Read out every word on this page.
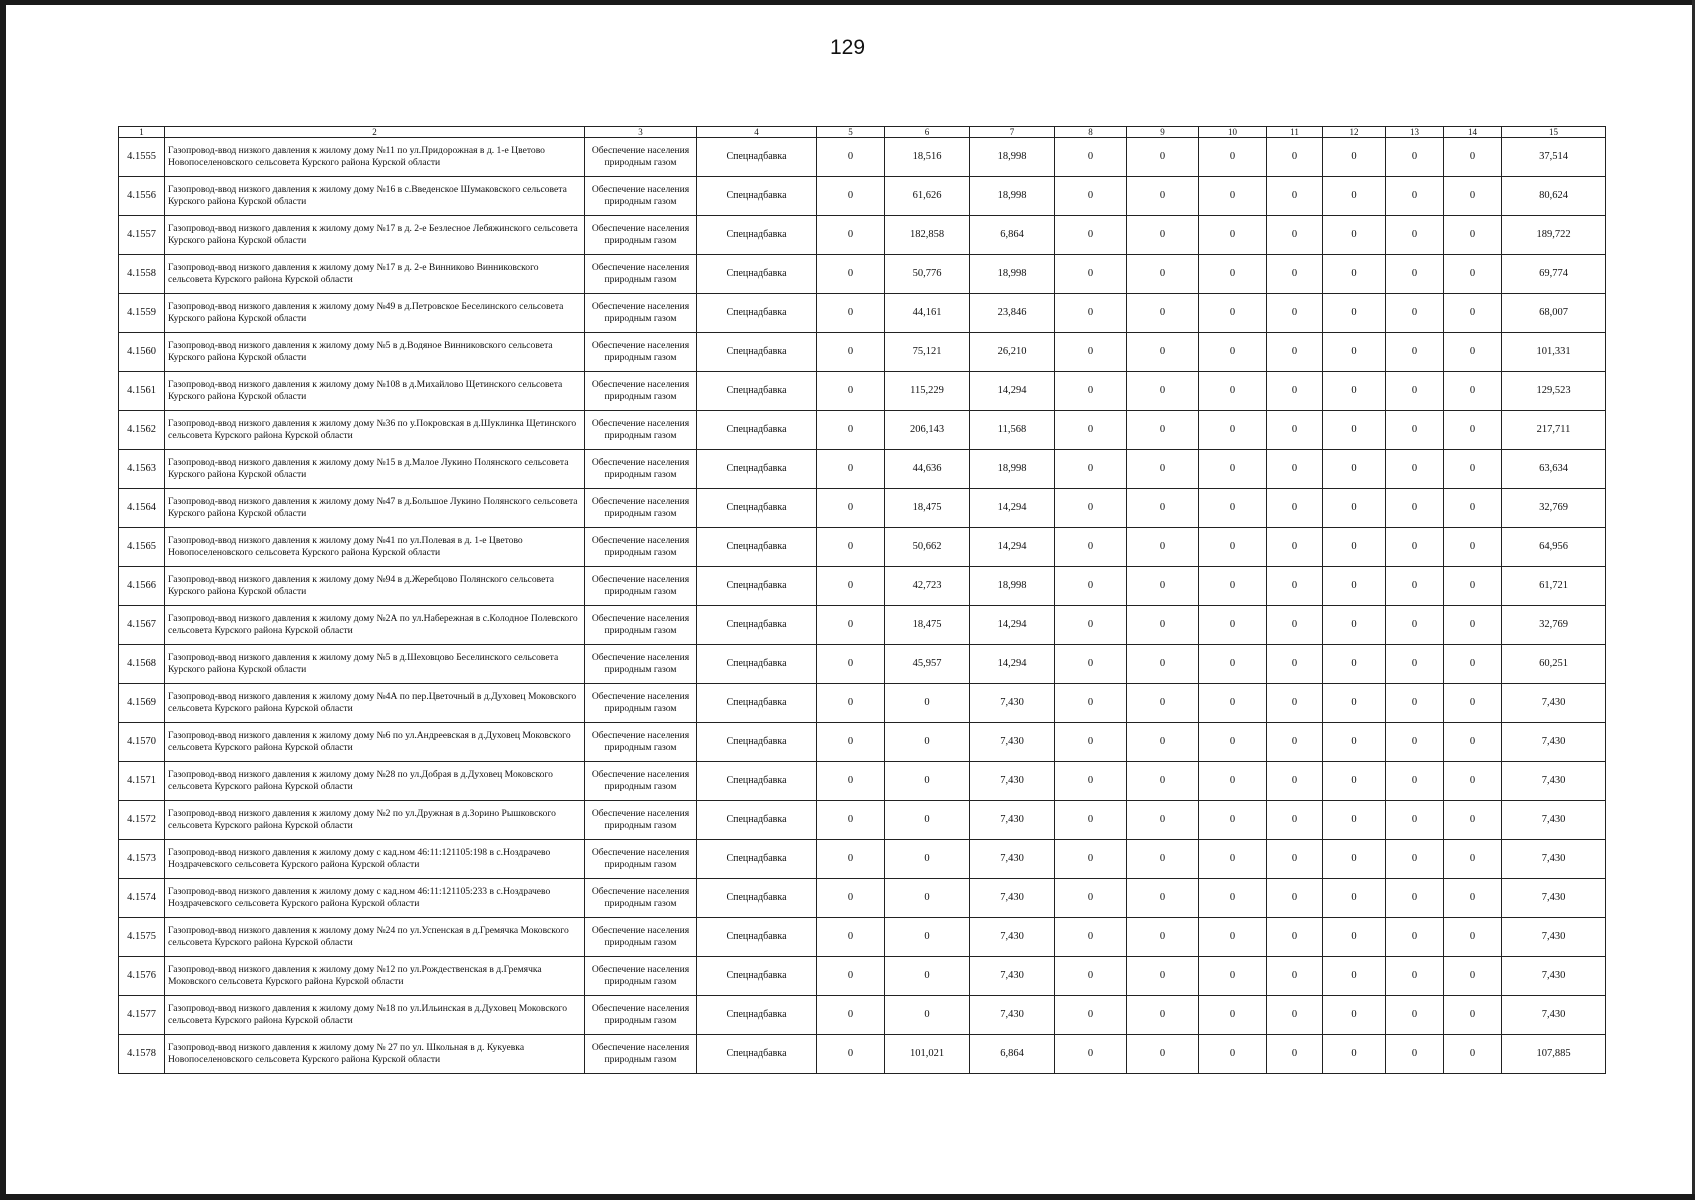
129
1	2	3	4	5	6	7	8	9	10	11	12	13	14	15
4.1555	Газопровод-ввод низкого давления к жилому дому №11 по ул.Придорожная в д. 1-е Цветово Новопоселеновского сельсовета Курского района Курской области	Обеспечение населения природным газом	Спецнадбавка	0	18,516	18,998	0	0	0	0	0	0	0	37,514
4.1556	Газопровод-ввод низкого давления к жилому дому №16 в с.Введенское Шумаковского сельсовета Курского района Курской области	Обеспечение населения природным газом	Спецнадбавка	0	61,626	18,998	0	0	0	0	0	0	0	80,624
4.1557	Газопровод-ввод низкого давления к жилому дому №17 в д. 2-е Безлесное Лебяжинского сельсовета Курского района Курской области	Обеспечение населения природным газом	Спецнадбавка	0	182,858	6,864	0	0	0	0	0	0	0	189,722
4.1558	Газопровод-ввод низкого давления к жилому дому №17 в д. 2-е Винниково Винниковского сельсовета Курского района Курской области	Обеспечение населения природным газом	Спецнадбавка	0	50,776	18,998	0	0	0	0	0	0	0	69,774
4.1559	Газопровод-ввод низкого давления к жилому дому №49 в д.Петровское Беселинского сельсовета Курского района Курской области	Обеспечение населения природным газом	Спецнадбавка	0	44,161	23,846	0	0	0	0	0	0	0	68,007
4.1560	Газопровод-ввод низкого давления к жилому дому №5 в д.Водяное Винниковского сельсовета Курского района Курской области	Обеспечение населения природным газом	Спецнадбавка	0	75,121	26,210	0	0	0	0	0	0	0	101,331
4.1561	Газопровод-ввод низкого давления к жилому дому №108 в д.Михайлово Щетинского сельсовета Курского района Курской области	Обеспечение населения природным газом	Спецнадбавка	0	115,229	14,294	0	0	0	0	0	0	0	129,523
4.1562	Газопровод-ввод низкого давления к жилому дому №36 по у.Покровская в д.Шуклинка Щетинского сельсовета Курского района Курской области	Обеспечение населения природным газом	Спецнадбавка	0	206,143	11,568	0	0	0	0	0	0	0	217,711
4.1563	Газопровод-ввод низкого давления к жилому дому №15 в д.Малое Лукино Полянского сельсовета Курского района Курской области	Обеспечение населения природным газом	Спецнадбавка	0	44,636	18,998	0	0	0	0	0	0	0	63,634
4.1564	Газопровод-ввод низкого давления к жилому дому №47 в д.Большое Лукино Полянского сельсовета Курского района Курской области	Обеспечение населения природным газом	Спецнадбавка	0	18,475	14,294	0	0	0	0	0	0	0	32,769
4.1565	Газопровод-ввод низкого давления к жилому дому №41 по ул.Полевая в д. 1-е Цветово Новопоселеновского сельсовета Курского района Курской области	Обеспечение населения природным газом	Спецнадбавка	0	50,662	14,294	0	0	0	0	0	0	0	64,956
4.1566	Газопровод-ввод низкого давления к жилому дому №94 в д.Жеребцово Полянского сельсовета Курского района Курской области	Обеспечение населения природным газом	Спецнадбавка	0	42,723	18,998	0	0	0	0	0	0	0	61,721
4.1567	Газопровод-ввод низкого давления к жилому дому №2А по ул.Набережная в с.Колодное Полевского сельсовета Курского района Курской области	Обеспечение населения природным газом	Спецнадбавка	0	18,475	14,294	0	0	0	0	0	0	0	32,769
4.1568	Газопровод-ввод низкого давления к жилому дому №5 в д.Шеховцово Беселинского сельсовета Курского района Курской области	Обеспечение населения природным газом	Спецнадбавка	0	45,957	14,294	0	0	0	0	0	0	0	60,251
4.1569	Газопровод-ввод низкого давления к жилому дому №4А по пер.Цветочный в д.Духовец Моковского сельсовета Курского района Курской области	Обеспечение населения природным газом	Спецнадбавка	0	0	7,430	0	0	0	0	0	0	0	7,430
4.1570	Газопровод-ввод низкого давления к жилому дому №6 по ул.Андреевская в д.Духовец Моковского сельсовета Курского района Курской области	Обеспечение населения природным газом	Спецнадбавка	0	0	7,430	0	0	0	0	0	0	0	7,430
4.1571	Газопровод-ввод низкого давления к жилому дому №28 по ул.Добрая в д.Духовец Моковского сельсовета Курского района Курской области	Обеспечение населения природным газом	Спецнадбавка	0	0	7,430	0	0	0	0	0	0	0	7,430
4.1572	Газопровод-ввод низкого давления к жилому дому №2 по ул.Дружная в д.Зорино Рышковского сельсовета Курского района Курской области	Обеспечение населения природным газом	Спецнадбавка	0	0	7,430	0	0	0	0	0	0	0	7,430
4.1573	Газопровод-ввод низкого давления к жилому дому с кад.ном 46:11:121105:198 в с.Ноздрачево Ноздрачевского сельсовета Курского района Курской области	Обеспечение населения природным газом	Спецнадбавка	0	0	7,430	0	0	0	0	0	0	0	7,430
4.1574	Газопровод-ввод низкого давления к жилому дому с кад.ном 46:11:121105:233 в с.Ноздрачево Ноздрачевского сельсовета Курского района Курской области	Обеспечение населения природным газом	Спецнадбавка	0	0	7,430	0	0	0	0	0	0	0	7,430
4.1575	Газопровод-ввод низкого давления к жилому дому №24 по ул.Успенская в д.Гремячка Моковского сельсовета Курского района Курской области	Обеспечение населения природным газом	Спецнадбавка	0	0	7,430	0	0	0	0	0	0	0	7,430
4.1576	Газопровод-ввод низкого давления к жилому дому №12 по ул.Рождественская в д.Гремячка Моковского сельсовета Курского района Курской области	Обеспечение населения природным газом	Спецнадбавка	0	0	7,430	0	0	0	0	0	0	0	7,430
4.1577	Газопровод-ввод низкого давления к жилому дому №18 по ул.Ильинская в д.Духовец Моковского сельсовета Курского района Курской области	Обеспечение населения природным газом	Спецнадбавка	0	0	7,430	0	0	0	0	0	0	0	7,430
4.1578	Газопровод-ввод низкого давления к жилому дому № 27 по ул. Школьная в д. Кукуевка Новопоселеновского сельсовета Курского района Курской области	Обеспечение населения природным газом	Спецнадбавка	0	101,021	6,864	0	0	0	0	0	0	0	107,885
